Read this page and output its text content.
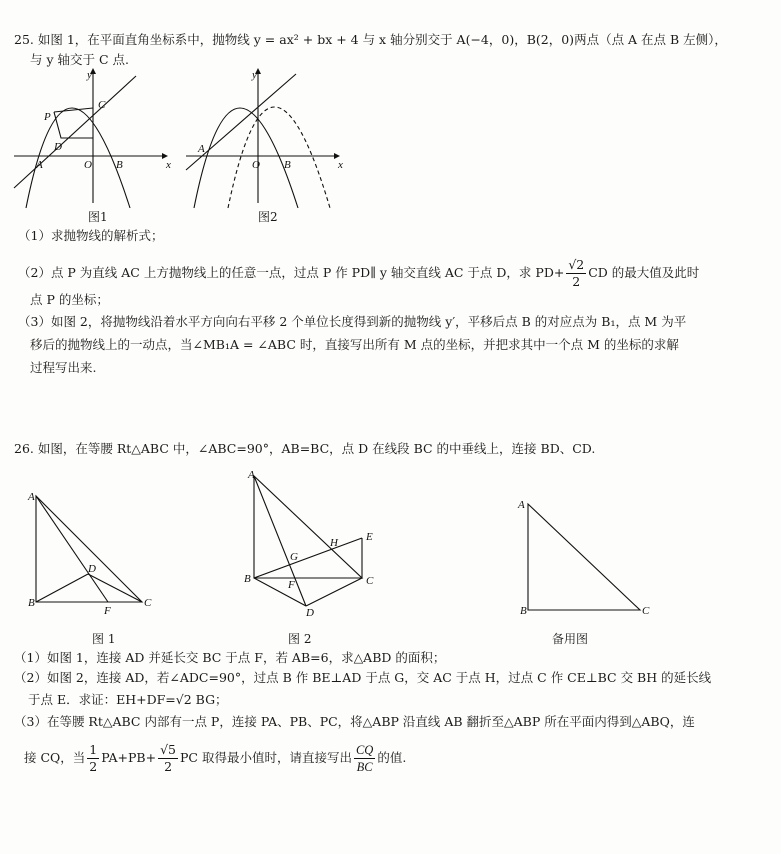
25. 如图 1，在平面直角坐标系中，抛物线 y = ax² + bx + 4 与 x 轴分别交于 A(−4，0)，B(2，0)两点（点 A 在点 B 左侧），
与 y 轴交于 C 点.
y
x
O
A	B
C
D
P
y
x
O
A
B
图1	图2
（1）求抛物线的解析式；
（2）点 P 为直线 AC 上方抛物线上的任意一点，过点 P 作 PD∥ y 轴交直线 AC 于点 D，求 $PD+ \frac{√2}{2}$ CD 的最大值及此时
点 P 的坐标；
（3）如图 2，将抛物线沿着水平方向向右平移 2 个单位长度得到新的抛物线 y′，平移后点 B 的对应点为 B₁，点 M 为平
移后的抛物线上的一动点，当∠MB₁A = ∠ABC 时，直接写出所有 M 点的坐标，并把求其中一个点 M 的坐标的求解
过程写出来.
26. 如图，在等腰 Rt△ABC 中，∠ABC=90°，AB=BC，点 D 在线段 BC 的中垂线上，连接 BD、CD.
A
B	C
D
F
A
B	C
D
E
F
G
H
A
B	C
图 1	图 2	备用图
（1）如图 1，连接 AD 并延长交 BC 于点 F，若 AB=6，求△ABD 的面积；
（2）如图 2，连接 AD，若∠ADC=90°，过点 B 作 BE⊥AD 于点 G，交 AC 于点 H，过点 C 作 CE⊥BC 交 BH 的延长线
于点 E．求证：EH+DF=√2 BG；
（3）在等腰 Rt△ABC 内部有一点 P，连接 PA、PB、PC，将△ABP 沿直线 AB 翻折至△ABP 所在平面内得到△ABQ，连
接 CQ，当 $\frac{1}{2} PA+PB+ \frac{√5}{2}$ PC 取得最小值时，请直接写出 $\frac{CQ}{BC}$ 的值.
